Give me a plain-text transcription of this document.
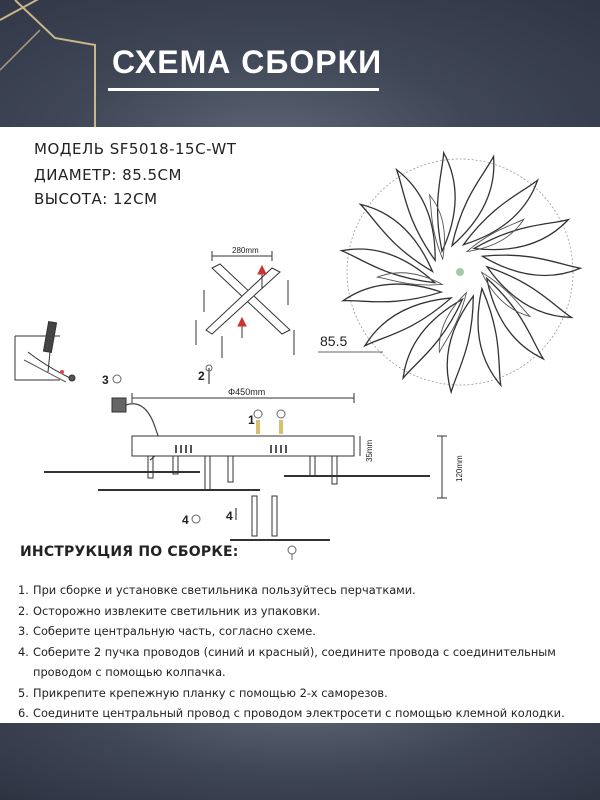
СХЕМА СБОРКИ
МОДЕЛЬ SF5018-15C-WT
ДИАМЕТР: 85.5CM
ВЫСОТА: 12CM
85.5
280mm
2
3
Φ450mm
35mm
120mm
1
4	4
ИНСТРУКЦИЯ ПО СБОРКЕ:
1. При сборке и установке светильника пользуйтесь перчатками.
2. Осторожно извлеките светильник из упаковки.
3. Соберите центральную часть, согласно схеме.
4. Соберите 2 пучка проводов (синий и красный), соедините провода с соединительным проводом с помощью колпачка.
5. Прикрепите крепежную планку с помощью 2-х саморезов.
6. Соедините центральный провод с проводом электросети с помощью клемной колодки.
